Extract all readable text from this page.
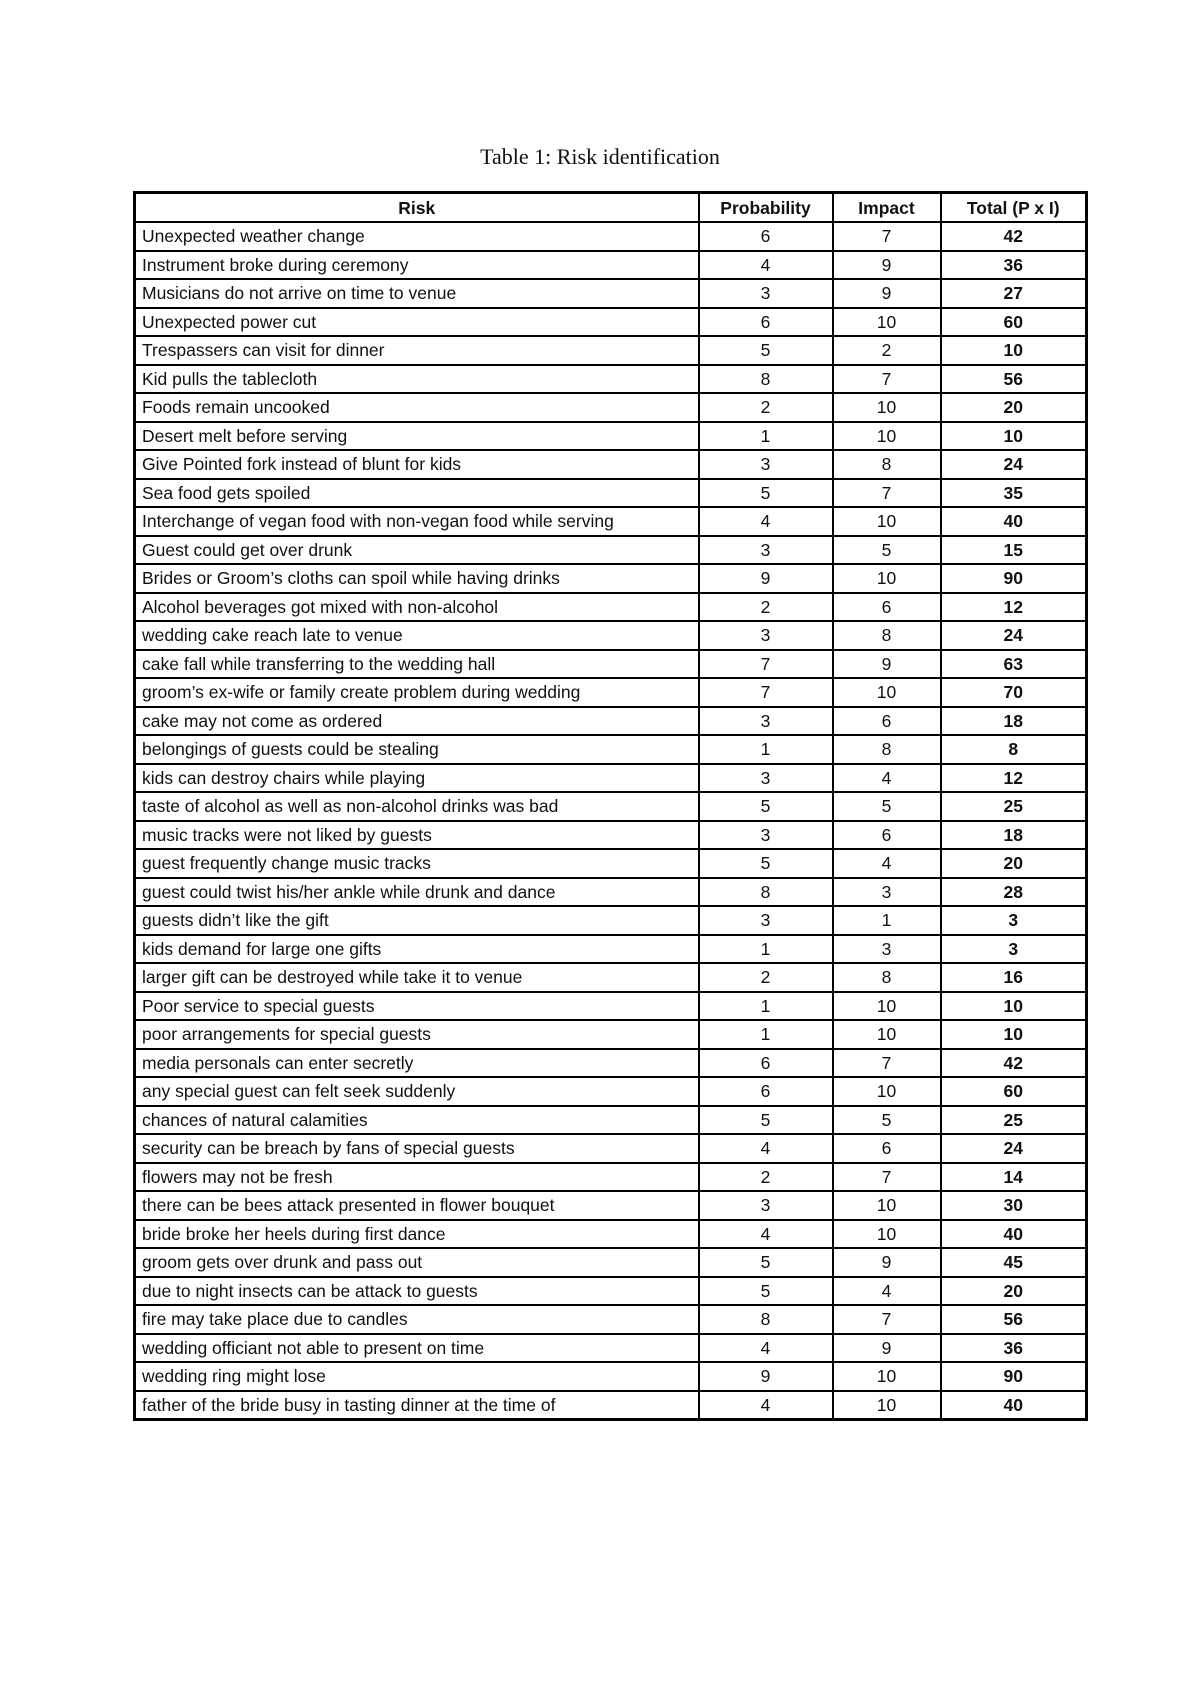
Table 1: Risk identification
Risk	Probability	Impact	Total (P x I)
Unexpected weather change	6	7	42
Instrument broke during ceremony	4	9	36
Musicians do not arrive on time to venue	3	9	27
Unexpected power cut	6	10	60
Trespassers can visit for dinner	5	2	10
Kid pulls the tablecloth	8	7	56
Foods remain uncooked	2	10	20
Desert melt before serving	1	10	10
Give Pointed fork instead of blunt for kids	3	8	24
Sea food gets spoiled	5	7	35
Interchange of vegan food with non-vegan food while serving	4	10	40
Guest could get over drunk	3	5	15
Brides or Groom’s cloths can spoil while having drinks	9	10	90
Alcohol beverages got mixed with non-alcohol	2	6	12
wedding cake reach late to venue	3	8	24
cake fall while transferring to the wedding hall	7	9	63
groom’s ex-wife or family create problem during wedding	7	10	70
cake may not come as ordered	3	6	18
belongings of guests could be stealing	1	8	8
kids can destroy chairs while playing	3	4	12
taste of alcohol as well as non-alcohol drinks was bad	5	5	25
music tracks were not liked by guests	3	6	18
guest frequently change music tracks	5	4	20
guest could twist his/her ankle while drunk and dance	8	3	28
guests didn’t like the gift	3	1	3
kids demand for large one gifts	1	3	3
larger gift can be destroyed while take it to venue	2	8	16
Poor service to special guests	1	10	10
poor arrangements for special guests	1	10	10
media personals can enter secretly	6	7	42
any special guest can felt seek suddenly	6	10	60
chances of natural calamities	5	5	25
security can be breach by fans of special guests	4	6	24
flowers may not be fresh	2	7	14
there can be bees attack presented in flower bouquet	3	10	30
bride broke her heels during first dance	4	10	40
groom gets over drunk and pass out	5	9	45
due to night insects can be attack to guests	5	4	20
fire may take place due to candles	8	7	56
wedding officiant not able to present on time	4	9	36
wedding ring might lose	9	10	90
father of the bride busy in tasting dinner at the time of	4	10	40
